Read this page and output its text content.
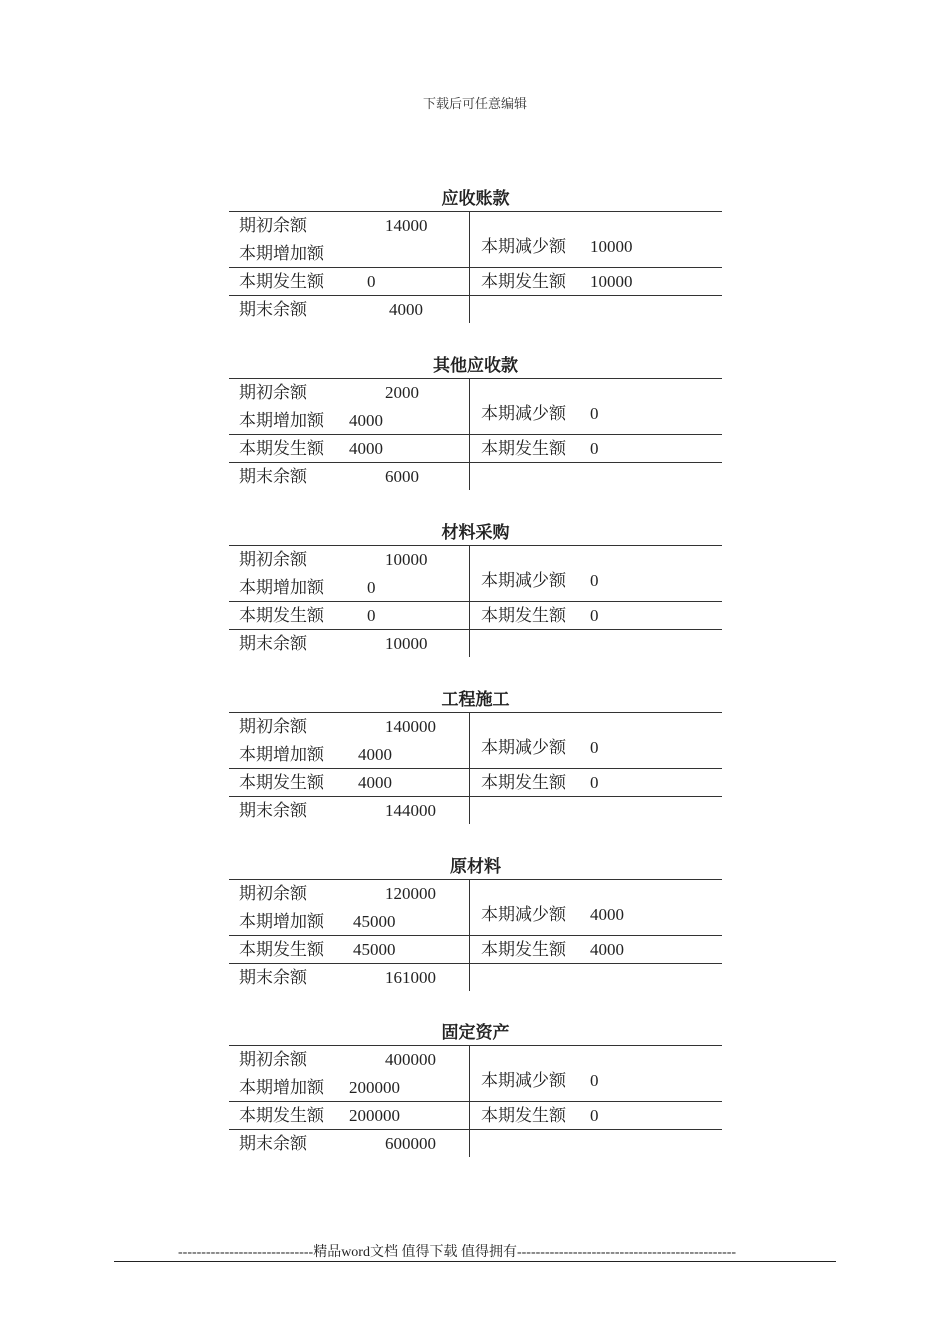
下载后可任意编辑
应收账款
期初余额	14000
本期增加额	本期减少额 10000
本期发生额	0	本期发生额 10000
期末余额	4000
其他应收款
期初余额	2000
本期增加额 4000	本期减少额 0
本期发生额 4000	本期发生额 0
期末余额	6000
材料采购
期初余额	10000
本期增加额	0	本期减少额 0
本期发生额	0	本期发生额 0
期末余额	10000
工程施工
期初余额	140000
本期增加额 4000	本期减少额 0
本期发生额 4000	本期发生额 0
期末余额	144000
原材料
期初余额	120000
本期增加额 45000	本期减少额 4000
本期发生额 45000	本期发生额 4000
期末余额	161000
固定资产
期初余额	400000
本期增加额 200000	本期减少额 0
本期发生额 200000	本期发生额 0
期末余额	600000
-----------------------------精品word文档 值得下载 值得拥有-----------------------------------------------
